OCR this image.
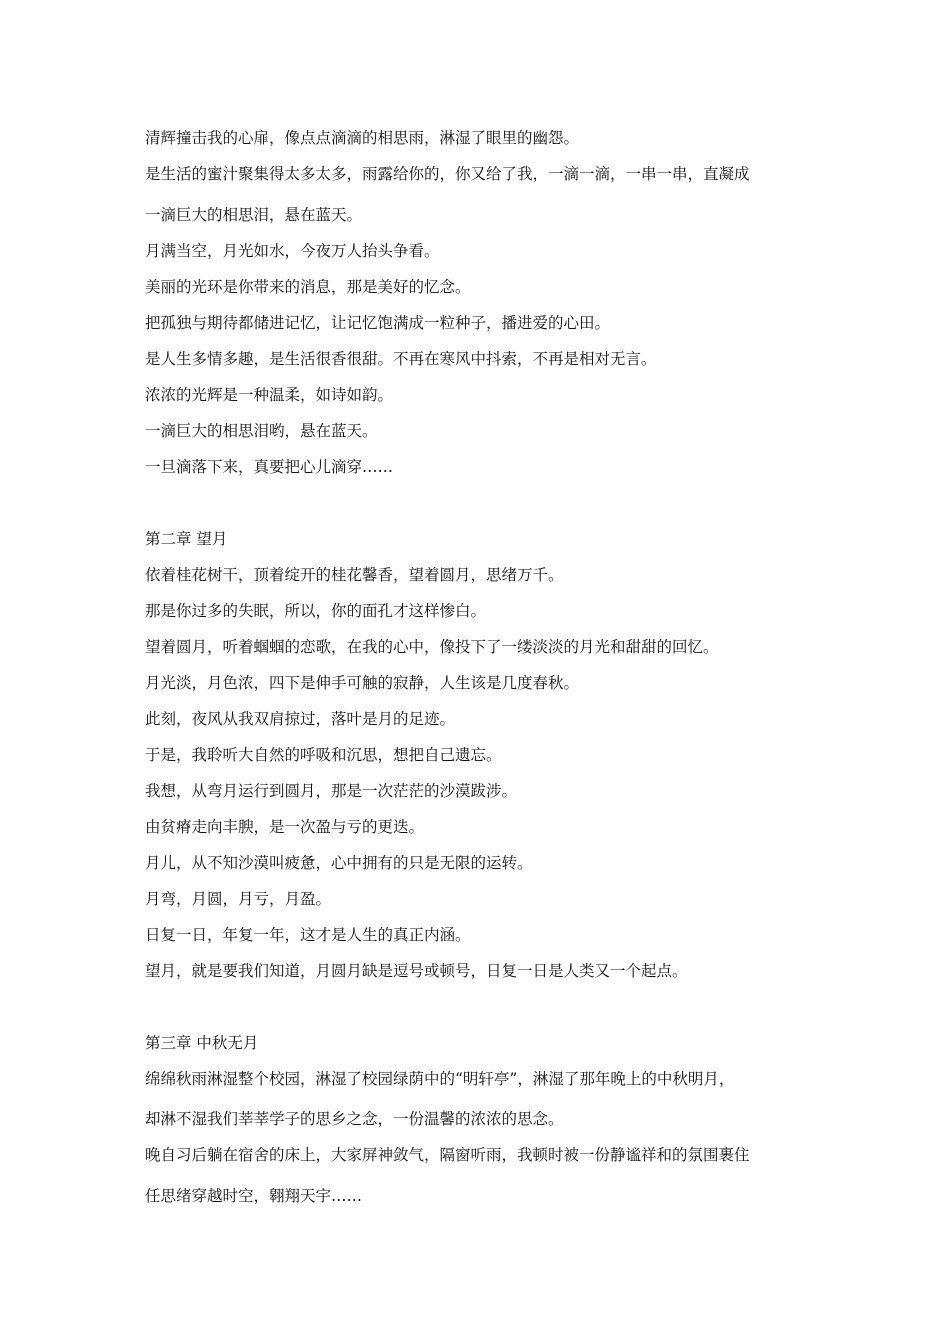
清辉撞击我的心扉，像点点滴滴的相思雨，淋湿了眼里的幽怨。
是生活的蜜汁聚集得太多太多，雨露给你的，你又给了我，一滴一滴，一串一串，直凝成
一滴巨大的相思泪，悬在蓝天。
月满当空，月光如水，今夜万人抬头争看。
美丽的光环是你带来的消息，那是美好的忆念。
把孤独与期待都储进记忆，让记忆饱满成一粒种子，播进爱的心田。
是人生多情多趣，是生活很香很甜。不再在寒风中抖索，不再是相对无言。
浓浓的光辉是一种温柔，如诗如韵。
一滴巨大的相思泪哟，悬在蓝天。
一旦滴落下来，真要把心儿滴穿……
第二章 望月
依着桂花树干，顶着绽开的桂花馨香，望着圆月，思绪万千。
那是你过多的失眠，所以，你的面孔才这样惨白。
望着圆月，听着蝈蝈的恋歌，在我的心中，像投下了一缕淡淡的月光和甜甜的回忆。
月光淡，月色浓，四下是伸手可触的寂静，人生该是几度春秋。
此刻，夜风从我双肩掠过，落叶是月的足迹。
于是，我聆听大自然的呼吸和沉思，想把自己遗忘。
我想，从弯月运行到圆月，那是一次茫茫的沙漠跋涉。
由贫瘠走向丰腴，是一次盈与亏的更迭。
月儿，从不知沙漠叫疲惫，心中拥有的只是无限的运转。
月弯，月圆，月亏，月盈。
日复一日，年复一年，这才是人生的真正内涵。
望月，就是要我们知道，月圆月缺是逗号或顿号，日复一日是人类又一个起点。
第三章 中秋无月
绵绵秋雨淋湿整个校园，淋湿了校园绿荫中的“明轩亭”，淋湿了那年晚上的中秋明月，
却淋不湿我们莘莘学子的思乡之念，一份温馨的浓浓的思念。
晚自习后躺在宿舍的床上，大家屏神敛气，隔窗听雨，我顿时被一份静谧祥和的氛围裹住
任思绪穿越时空，翱翔天宇……
